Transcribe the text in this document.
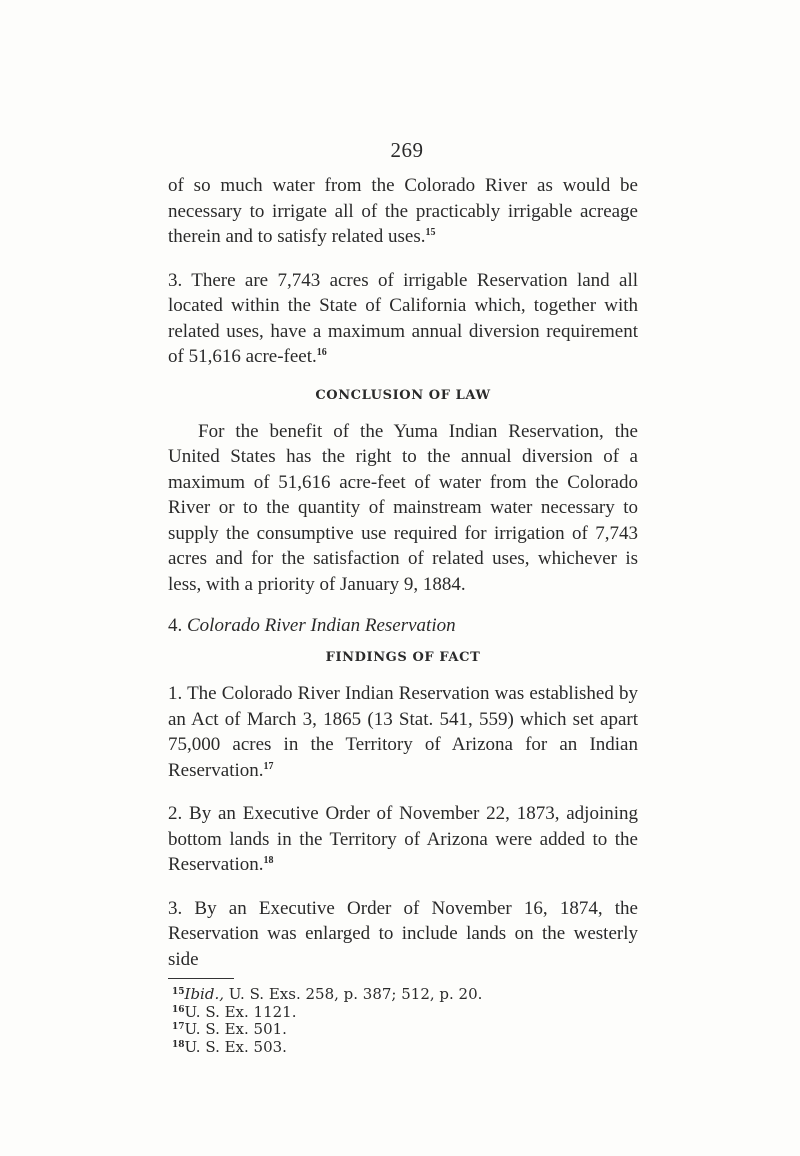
269

of so much water from the Colorado River as would be necessary to irrigate all of the practicably irrigable acreage therein and to satisfy related uses.$^{15}$

3. There are 7,743 acres of irrigable Reservation land all located within the State of California which, together with related uses, have a maximum annual diversion requirement of 51,616 acre-feet.$^{16}$

CONCLUSION OF LAW

For the benefit of the Yuma Indian Reservation, the United States has the right to the annual diversion of a maximum of 51,616 acre-feet of water from the Colorado River or to the quantity of mainstream water necessary to supply the consumptive use required for irrigation of 7,743 acres and for the satisfaction of related uses, whichever is less, with a priority of January 9, 1884.

4. Colorado River Indian Reservation
FINDINGS OF FACT

1. The Colorado River Indian Reservation was established by an Act of March 3, 1865 (13 Stat. 541, 559) which set apart 75,000 acres in the Territory of Arizona for an Indian Reservation.$^{17}$

2. By an Executive Order of November 22, 1873, adjoining bottom lands in the Territory of Arizona were added to the Reservation.$^{18}$

3. By an Executive Order of November 16, 1874, the Reservation was enlarged to include lands on the westerly side

$^{15}$Ibid., U. S. Exs. 258, p. 387; 512, p. 20.

$^{16}$U. S. Ex. 1121.

$^{17}$U. S. Ex. 501.

$^{18}$U. S. Ex. 503.
